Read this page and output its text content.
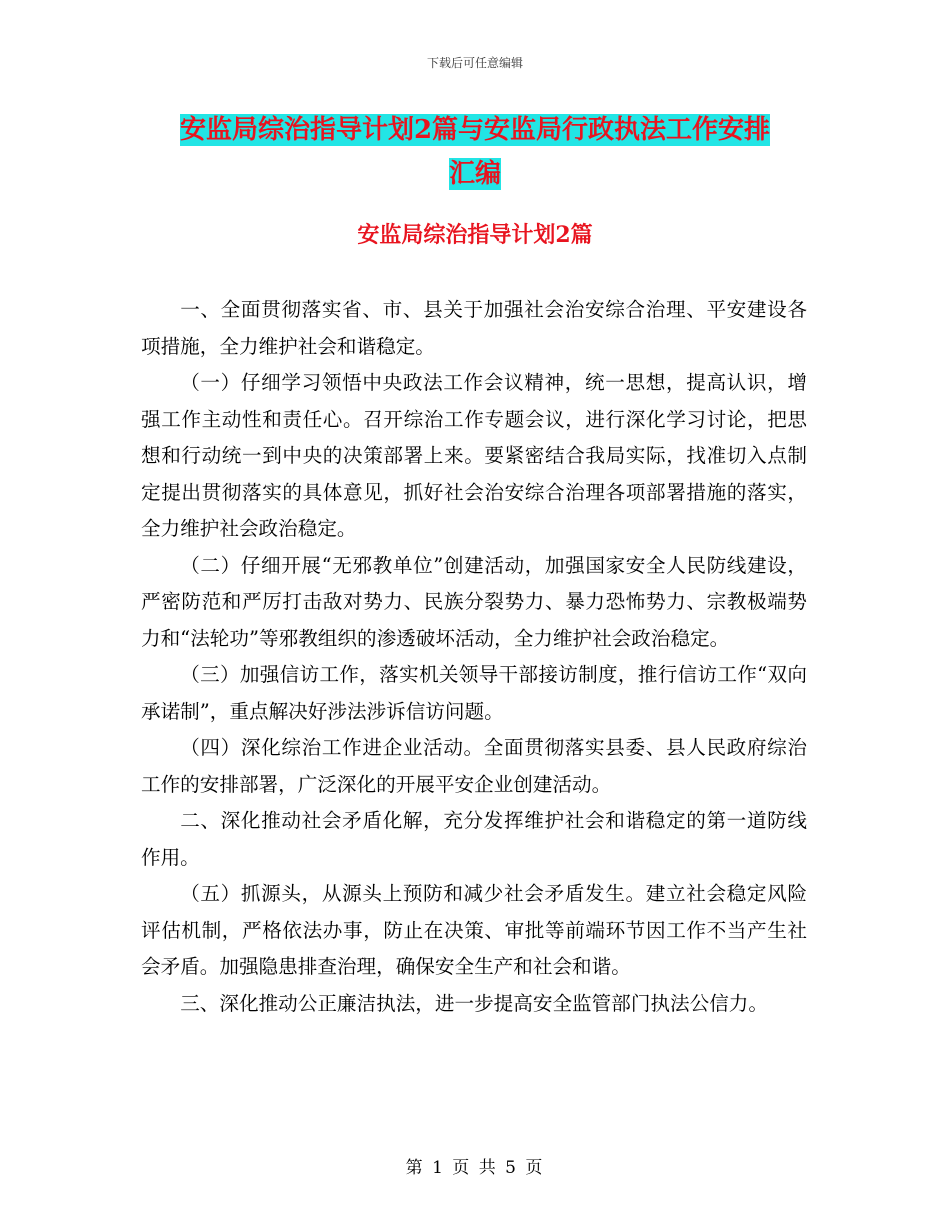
下载后可任意编辑
安监局综治指导计划2篇与安监局行政执法工作安排
汇编
安监局综治指导计划2篇

一、全面贯彻落实省、市、县关于加强社会治安综合治理、平安建设各项措施，全力维护社会和谐稳定。

（一）仔细学习领悟中央政法工作会议精神，统一思想，提高认识，增强工作主动性和责任心。召开综治工作专题会议，进行深化学习讨论，把思想和行动统一到中央的决策部署上来。要紧密结合我局实际，找准切入点制定提出贯彻落实的具体意见，抓好社会治安综合治理各项部署措施的落实，全力维护社会政治稳定。

（二）仔细开展“无邪教单位”创建活动，加强国家安全人民防线建设，严密防范和严厉打击敌对势力、民族分裂势力、暴力恐怖势力、宗教极端势力和“法轮功”等邪教组织的渗透破坏活动，全力维护社会政治稳定。

（三）加强信访工作，落实机关领导干部接访制度，推行信访工作“双向承诺制”，重点解决好涉法涉诉信访问题。

（四）深化综治工作进企业活动。全面贯彻落实县委、县人民政府综治工作的安排部署，广泛深化的开展平安企业创建活动。

二、深化推动社会矛盾化解，充分发挥维护社会和谐稳定的第一道防线作用。

（五）抓源头，从源头上预防和减少社会矛盾发生。建立社会稳定风险评估机制，严格依法办事，防止在决策、审批等前端环节因工作不当产生社会矛盾。加强隐患排查治理，确保安全生产和社会和谐。

三、深化推动公正廉洁执法，进一步提高安全监管部门执法公信力。

第 1 页 共 5 页
